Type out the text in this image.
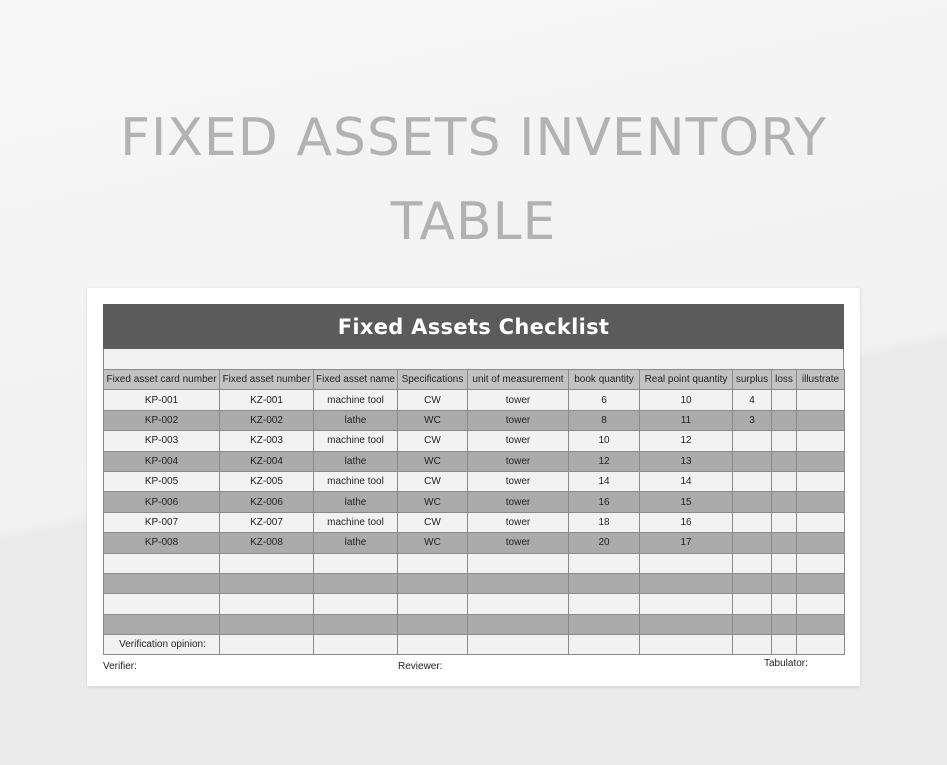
FIXED ASSETS INVENTORY
TABLE
Fixed Assets Checklist
Fixed asset card number	Fixed asset number	Fixed asset name	Specifications	unit of measurement	book quantity	Real point quantity	surplus	loss	illustrate
KP-001	KZ-001	machine tool	CW	tower	6	10	4		
KP-002	KZ-002	lathe	WC	tower	8	11	3		
KP-003	KZ-003	machine tool	CW	tower	10	12			
KP-004	KZ-004	lathe	WC	tower	12	13			
KP-005	KZ-005	machine tool	CW	tower	14	14			
KP-006	KZ-006	lathe	WC	tower	16	15			
KP-007	KZ-007	machine tool	CW	tower	18	16			
KP-008	KZ-008	lathe	WC	tower	20	17			

Verification opinion:									
Verifier:	Reviewer:	Tabulator:
